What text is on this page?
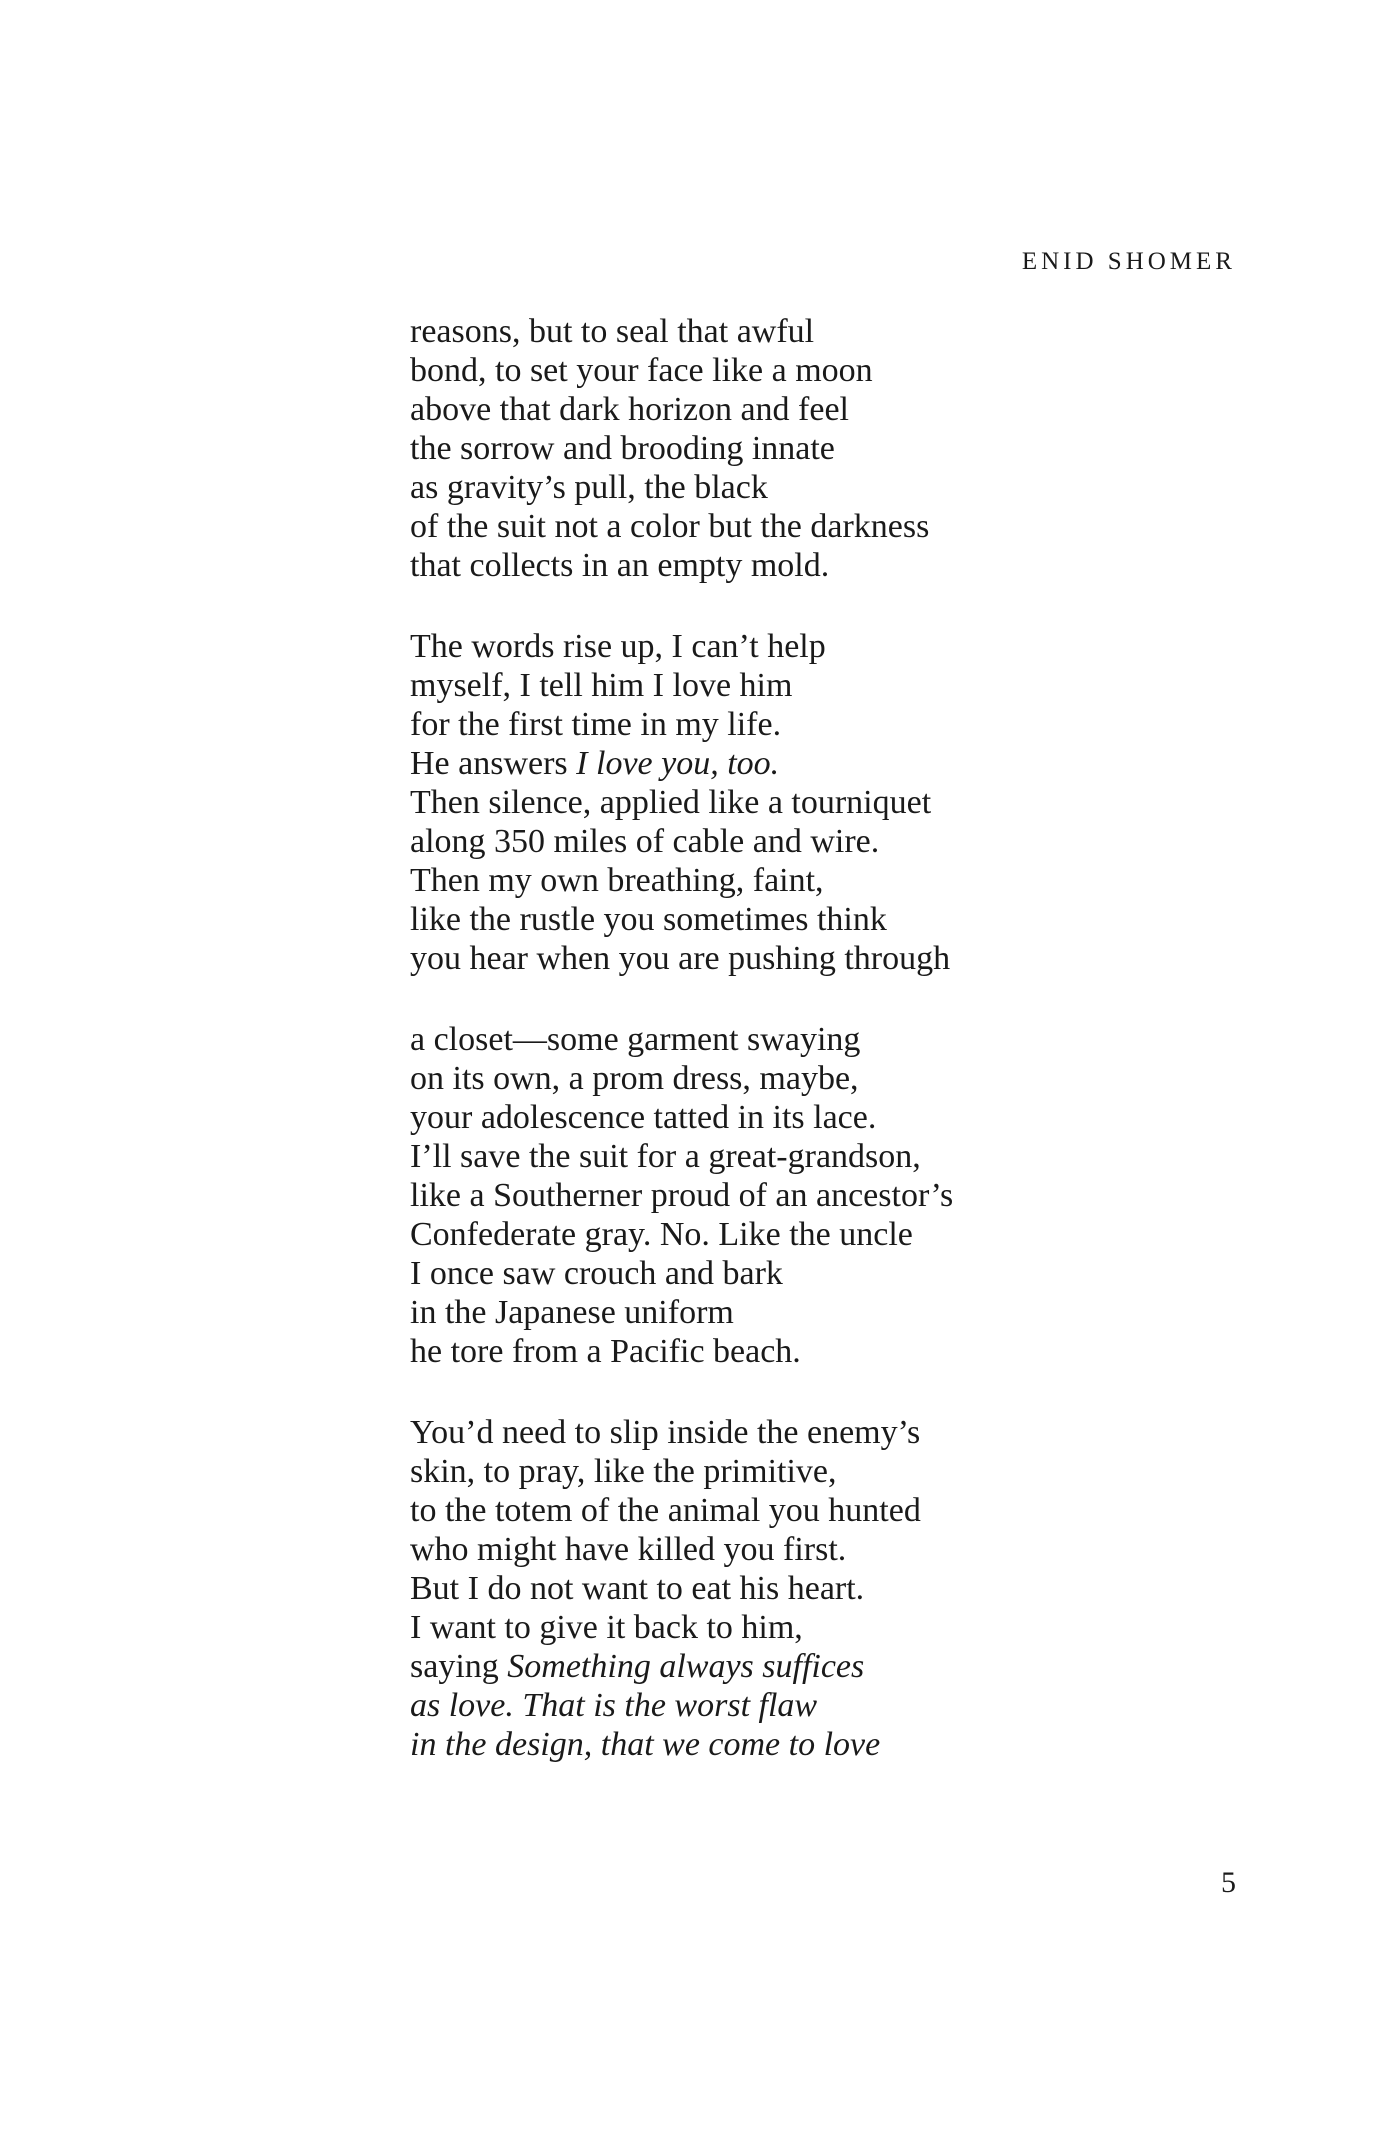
ENID SHOMER

reasons, but to seal that awful
bond, to set your face like a moon
above that dark horizon and feel
the sorrow and brooding innate
as gravity’s pull, the black
of the suit not a color but the darkness
that collects in an empty mold.
The words rise up, I can’t help
myself, I tell him I love him
for the first time in my life.
He answers I love you, too.
Then silence, applied like a tourniquet
along 350 miles of cable and wire.
Then my own breathing, faint,
like the rustle you sometimes think
you hear when you are pushing through
a closet—some garment swaying
on its own, a prom dress, maybe,
your adolescence tatted in its lace.
I’ll save the suit for a great-grandson,
like a Southerner proud of an ancestor’s
Confederate gray. No. Like the uncle
I once saw crouch and bark
in the Japanese uniform
he tore from a Pacific beach.
You’d need to slip inside the enemy’s
skin, to pray, like the primitive,
to the totem of the animal you hunted
who might have killed you first.
But I do not want to eat his heart.
I want to give it back to him,
saying Something always suffices
as love. That is the worst flaw
in the design, that we come to love

5
